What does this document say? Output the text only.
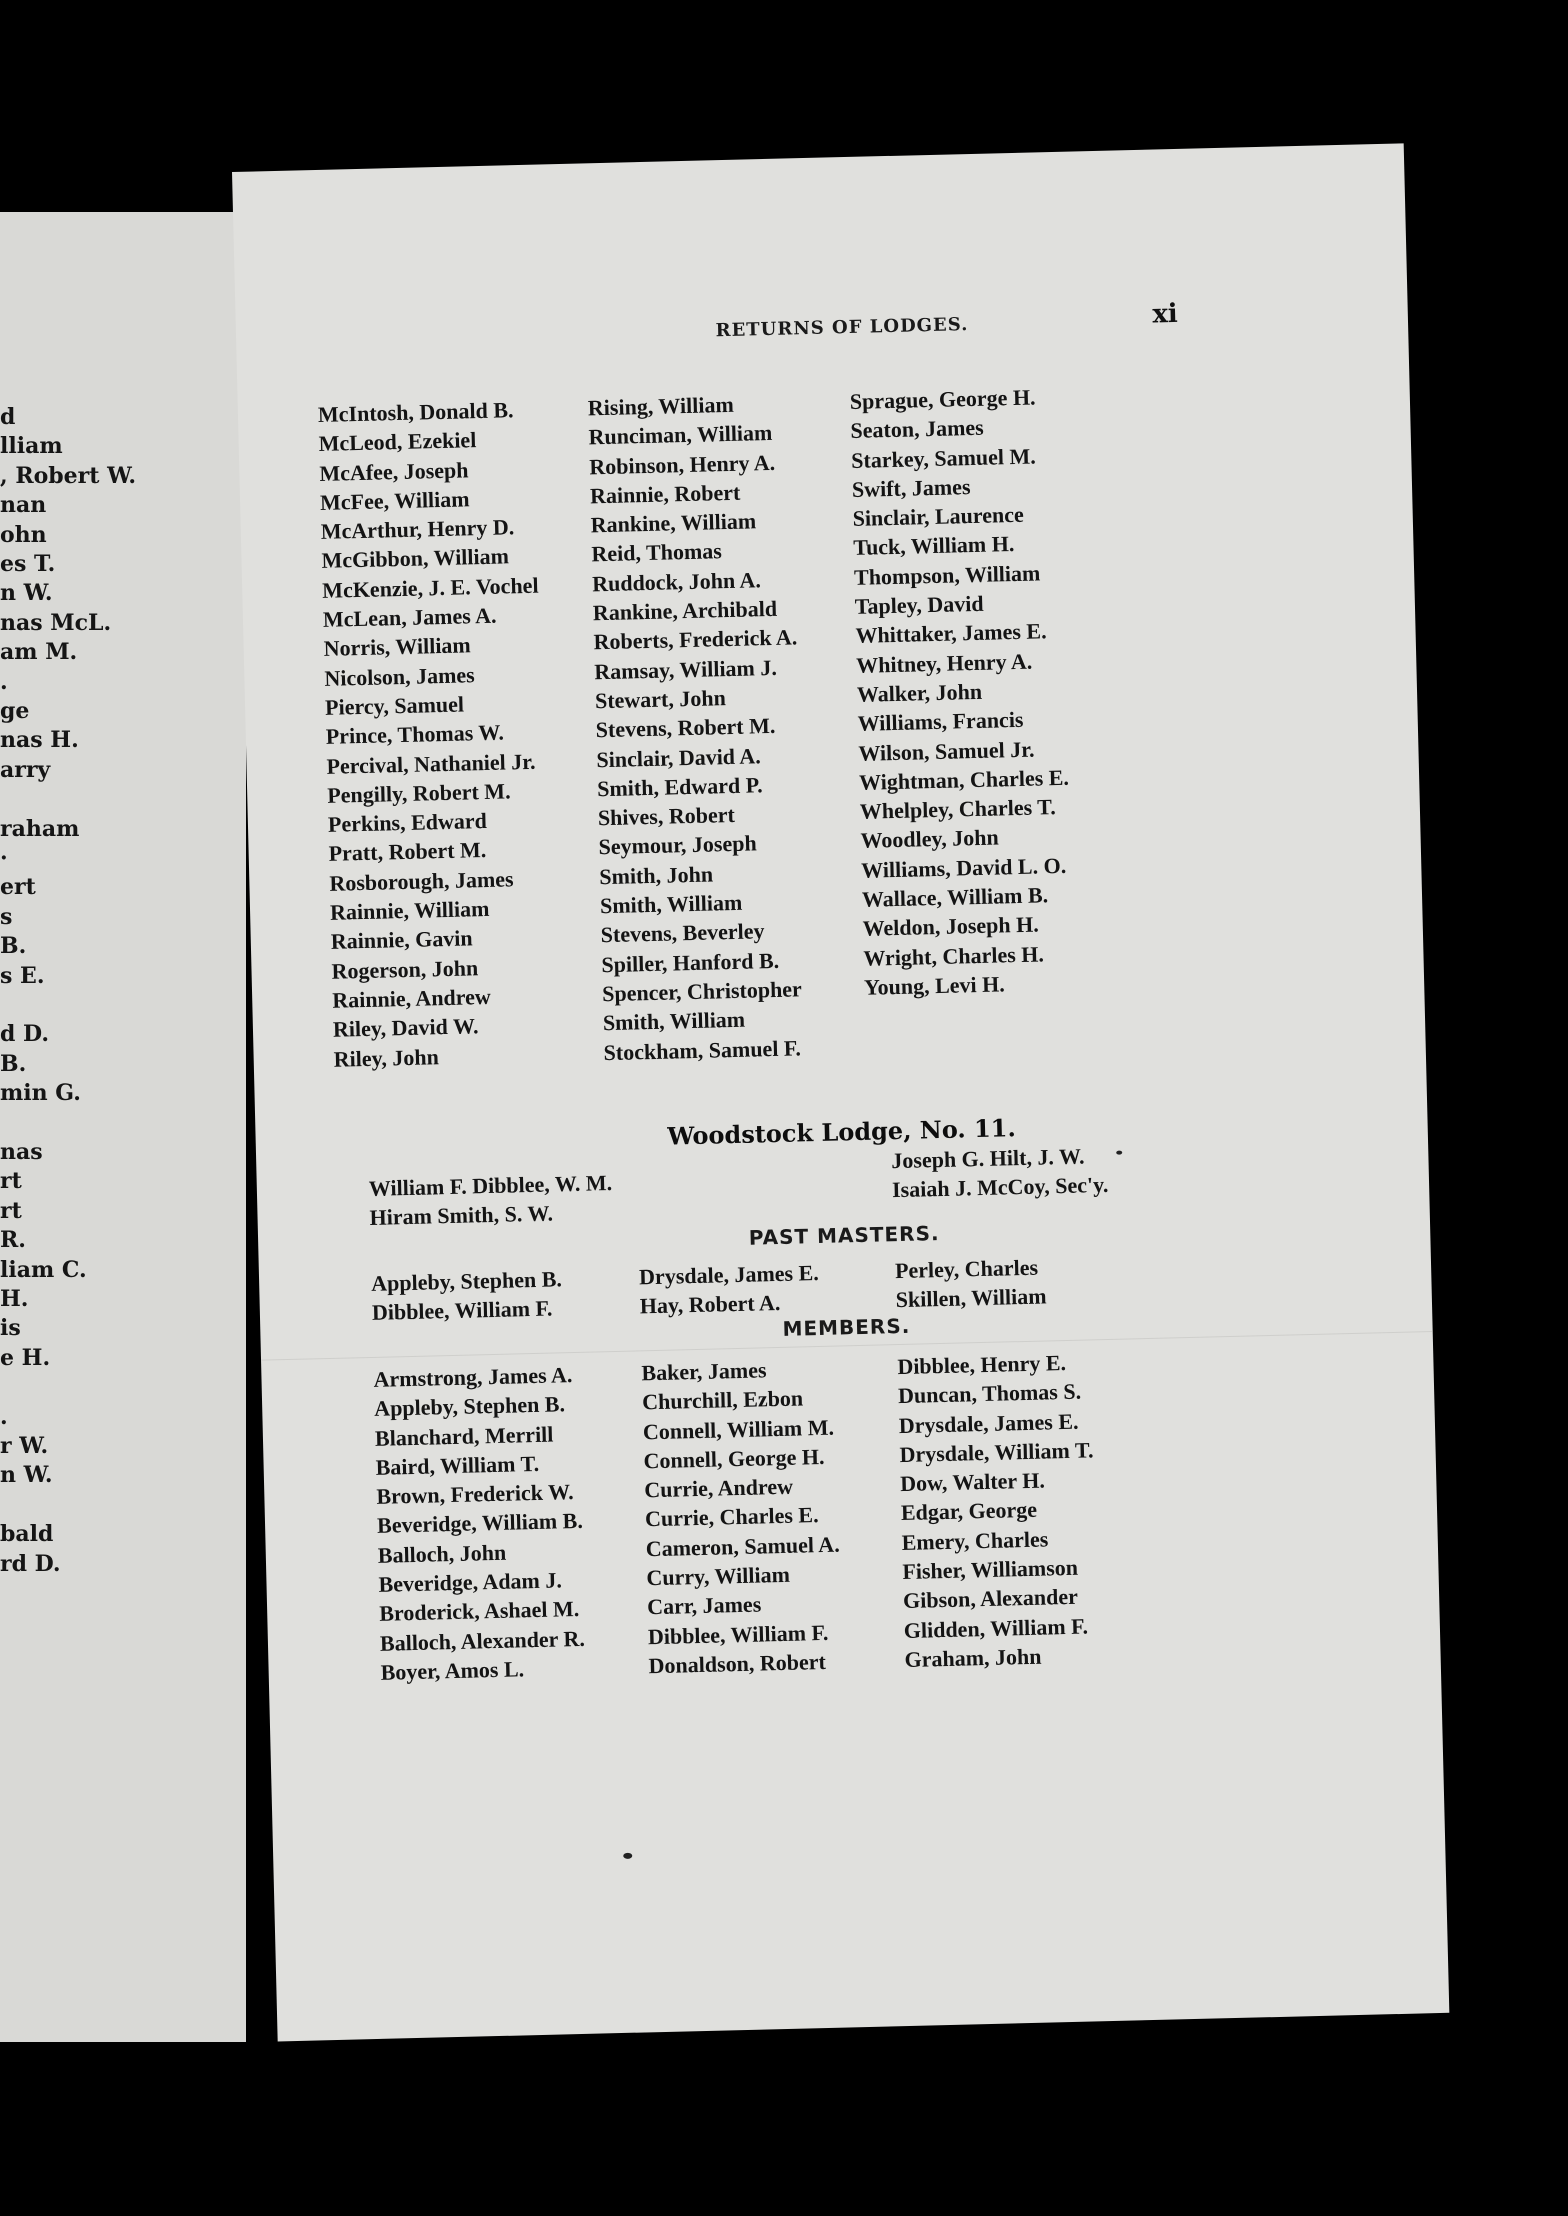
d
lliam
, Robert W.
nan
ohn
es T.
n W.
nas McL.
am M.
.
ge
nas H.
arry
raham
·
ert
s
B.
s E.
d D.
B.
min G.
nas
rt
rt
R.
liam C.
H.
is
e H.
.
r W.
n W.
bald
rd D.
RETURNS OF LODGES.	xi
McIntosh, Donald B.
McLeod, Ezekiel
McAfee, Joseph
McFee, William
McArthur, Henry D.
McGibbon, William
McKenzie, J. E. Vochel
McLean, James A.
Norris, William
Nicolson, James
Piercy, Samuel
Prince, Thomas W.
Percival, Nathaniel Jr.
Pengilly, Robert M.
Perkins, Edward
Pratt, Robert M.
Rosborough, James
Rainnie, William
Rainnie, Gavin
Rogerson, John
Rainnie, Andrew
Riley, David W.
Riley, John
Rising, William
Runciman, William
Robinson, Henry A.
Rainnie, Robert
Rankine, William
Reid, Thomas
Ruddock, John A.
Rankine, Archibald
Roberts, Frederick A.
Ramsay, William J.
Stewart, John
Stevens, Robert M.
Sinclair, David A.
Smith, Edward P.
Shives, Robert
Seymour, Joseph
Smith, John
Smith, William
Stevens, Beverley
Spiller, Hanford B.
Spencer, Christopher
Smith, William
Stockham, Samuel F.
Sprague, George H.
Seaton, James
Starkey, Samuel M.
Swift, James
Sinclair, Laurence
Tuck, William H.
Thompson, William
Tapley, David
Whittaker, James E.
Whitney, Henry A.
Walker, John
Williams, Francis
Wilson, Samuel Jr.
Wightman, Charles E.
Whelpley, Charles T.
Woodley, John
Williams, David L. O.
Wallace, William B.
Weldon, Joseph H.
Wright, Charles H.
Young, Levi H.
Woodstock Lodge, No. 11.
William F. Dibblee, W. M.
Hiram Smith, S. W.
Joseph G. Hilt, J. W.
Isaiah J. McCoy, Sec'y.
PAST MASTERS.
Appleby, Stephen B.
Dibblee, William F.
Drysdale, James E.
Hay, Robert A.
Perley, Charles
Skillen, William
MEMBERS.
Armstrong, James A.
Appleby, Stephen B.
Blanchard, Merrill
Baird, William T.
Brown, Frederick W.
Beveridge, William B.
Balloch, John
Beveridge, Adam J.
Broderick, Ashael M.
Balloch, Alexander R.
Boyer, Amos L.
Baker, James
Churchill, Ezbon
Connell, William M.
Connell, George H.
Currie, Andrew
Currie, Charles E.
Cameron, Samuel A.
Curry, William
Carr, James
Dibblee, William F.
Donaldson, Robert
Dibblee, Henry E.
Duncan, Thomas S.
Drysdale, James E.
Drysdale, William T.
Dow, Walter H.
Edgar, George
Emery, Charles
Fisher, Williamson
Gibson, Alexander
Glidden, William F.
Graham, John
